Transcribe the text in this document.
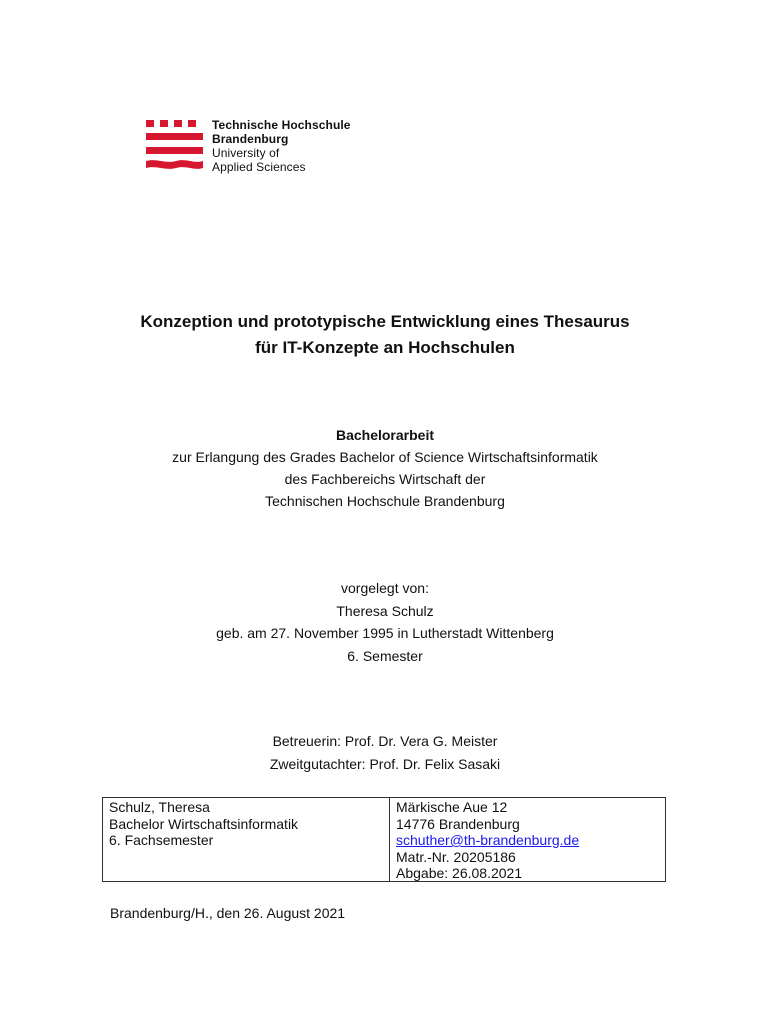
Technische Hochschule
Brandenburg
University of
Applied Sciences
Konzeption und prototypische Entwicklung eines Thesaurus
für IT-Konzepte an Hochschulen
Bachelorarbeit
zur Erlangung des Grades Bachelor of Science Wirtschaftsinformatik
des Fachbereichs Wirtschaft der
Technischen Hochschule Brandenburg
vorgelegt von:
Theresa Schulz
geb. am 27. November 1995 in Lutherstadt Wittenberg
6. Semester
Betreuerin: Prof. Dr. Vera G. Meister
Zweitgutachter: Prof. Dr. Felix Sasaki
Schulz, Theresa
Bachelor Wirtschaftsinformatik
6. Fachsemester
Märkische Aue 12
14776 Brandenburg
schuther@th-brandenburg.de
Matr.-Nr. 20205186
Abgabe: 26.08.2021
Brandenburg/H., den 26. August 2021
